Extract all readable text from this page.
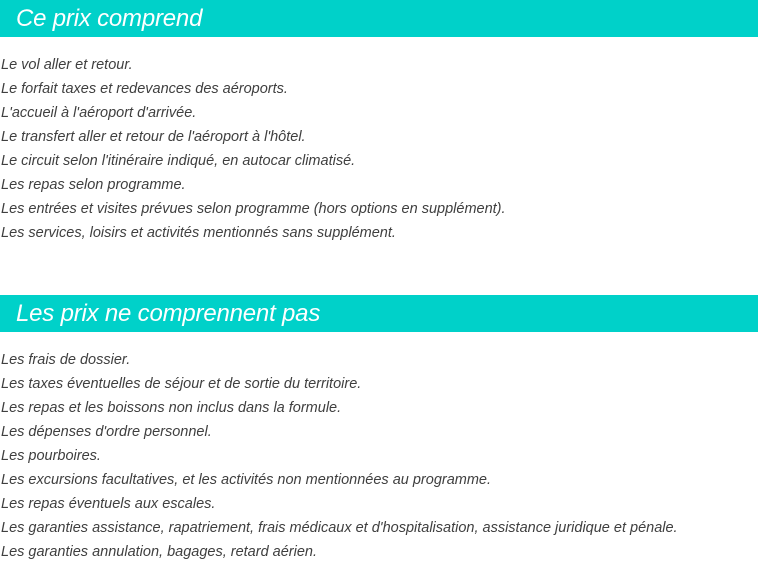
Ce prix comprend
Le vol aller et retour.
Le forfait taxes et redevances des aéroports.
L'accueil à l'aéroport d'arrivée.
Le transfert aller et retour de l'aéroport à l'hôtel.
Le circuit selon l'itinéraire indiqué, en autocar climatisé.
Les repas selon programme.
Les entrées et visites prévues selon programme (hors options en supplément).
Les services, loisirs et activités mentionnés sans supplément.
Les prix ne comprennent pas
Les frais de dossier.
Les taxes éventuelles de séjour et de sortie du territoire.
Les repas et les boissons non inclus dans la formule.
Les dépenses d'ordre personnel.
Les pourboires.
Les excursions facultatives, et les activités non mentionnées au programme.
Les repas éventuels aux escales.
Les garanties assistance, rapatriement, frais médicaux et d'hospitalisation, assistance juridique et pénale.
Les garanties annulation, bagages, retard aérien.
